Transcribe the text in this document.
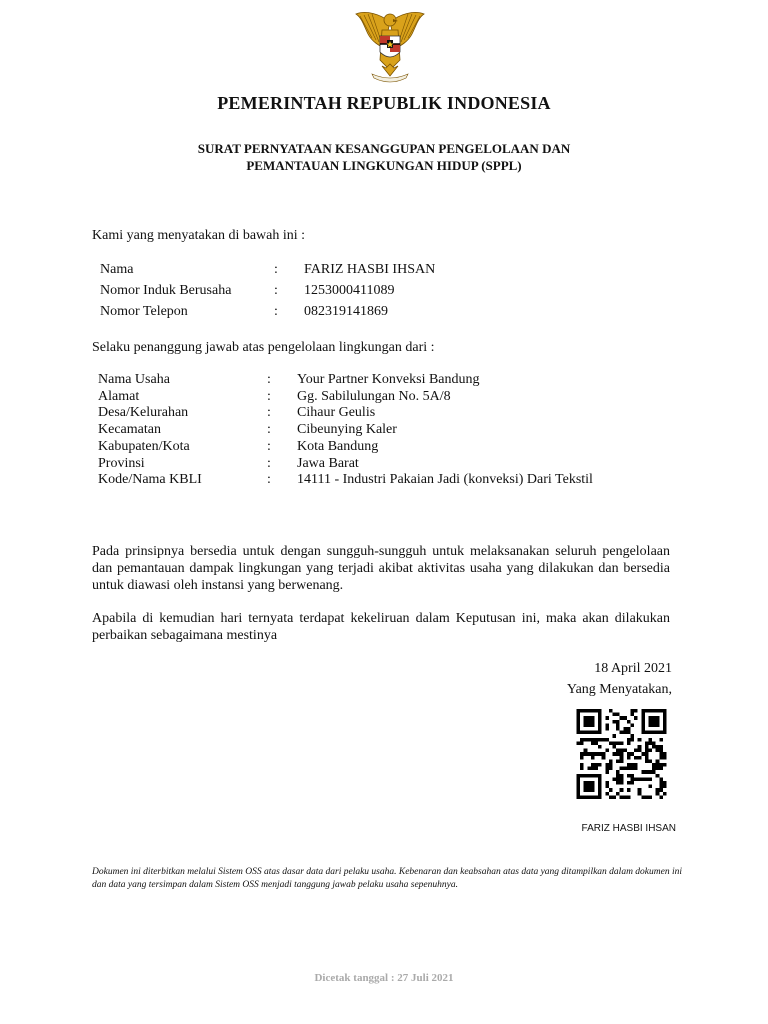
PEMERINTAH REPUBLIK INDONESIA
SURAT PERNYATAAN KESANGGUPAN PENGELOLAAN DAN
PEMANTAUAN LINGKUNGAN HIDUP (SPPL)
Kami yang menyatakan di bawah ini :
Nama	:	FARIZ HASBI IHSAN
Nomor Induk Berusaha	:	1253000411089
Nomor Telepon	:	082319141869
Selaku penanggung jawab atas pengelolaan lingkungan dari :
Nama Usaha	:	Your Partner Konveksi Bandung
Alamat	:	Gg. Sabilulungan No. 5A/8
Desa/Kelurahan	:	Cihaur Geulis
Kecamatan	:	Cibeunying Kaler
Kabupaten/Kota	:	Kota Bandung
Provinsi	:	Jawa Barat
Kode/Nama KBLI	:	14111 - Industri Pakaian Jadi (konveksi) Dari Tekstil
Pada prinsipnya bersedia untuk dengan sungguh-sungguh untuk melaksanakan seluruh pengelolaan dan pemantauan dampak lingkungan yang terjadi akibat aktivitas usaha yang dilakukan dan bersedia untuk diawasi oleh instansi yang berwenang.
Apabila di kemudian hari ternyata terdapat kekeliruan dalam Keputusan ini, maka akan dilakukan perbaikan sebagaimana mestinya
18 April 2021
Yang Menyatakan,
FARIZ HASBI IHSAN
Dokumen ini diterbitkan melalui Sistem OSS atas dasar data dari pelaku usaha. Kebenaran dan keabsahan atas data yang ditampilkan dalam dokumen ini dan data yang tersimpan dalam Sistem OSS menjadi tanggung jawab pelaku usaha sepenuhnya.
Dicetak tanggal : 27 Juli 2021
